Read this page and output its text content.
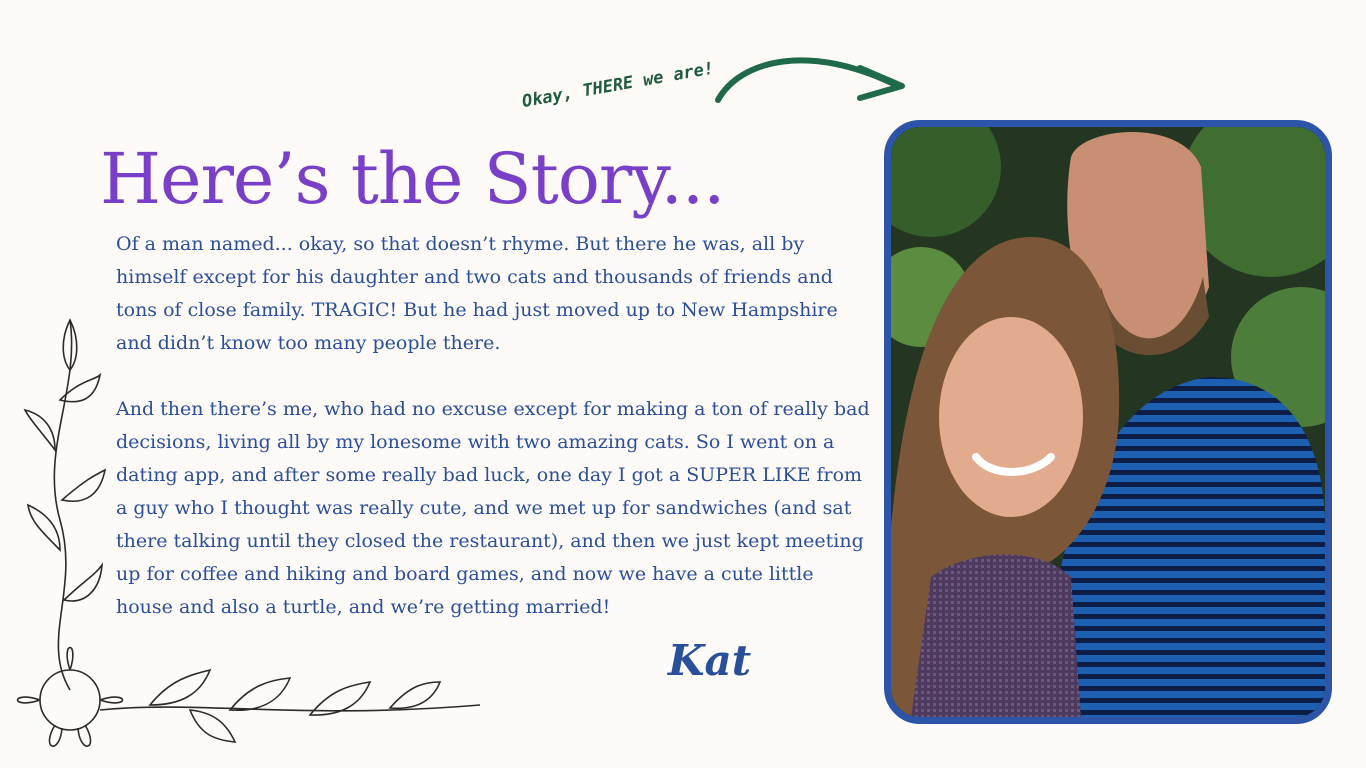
Okay, THERE we are!
Here’s the Story...

Of a man named... okay, so that doesn’t rhyme. But there he was, all by himself except for his daughter and two cats and thousands of friends and tons of close family. TRAGIC! But he had just moved up to New Hampshire and didn’t know too many people there.

And then there’s me, who had no excuse except for making a ton of really bad decisions, living all by my lonesome with two amazing cats. So I went on a dating app, and after some really bad luck, one day I got a SUPER LIKE from a guy who I thought was really cute, and we met up for sandwiches (and sat there talking until they closed the restaurant), and then we just kept meeting up for coffee and hiking and board games, and now we have a cute little house and also a turtle, and we’re getting married!

Kat
